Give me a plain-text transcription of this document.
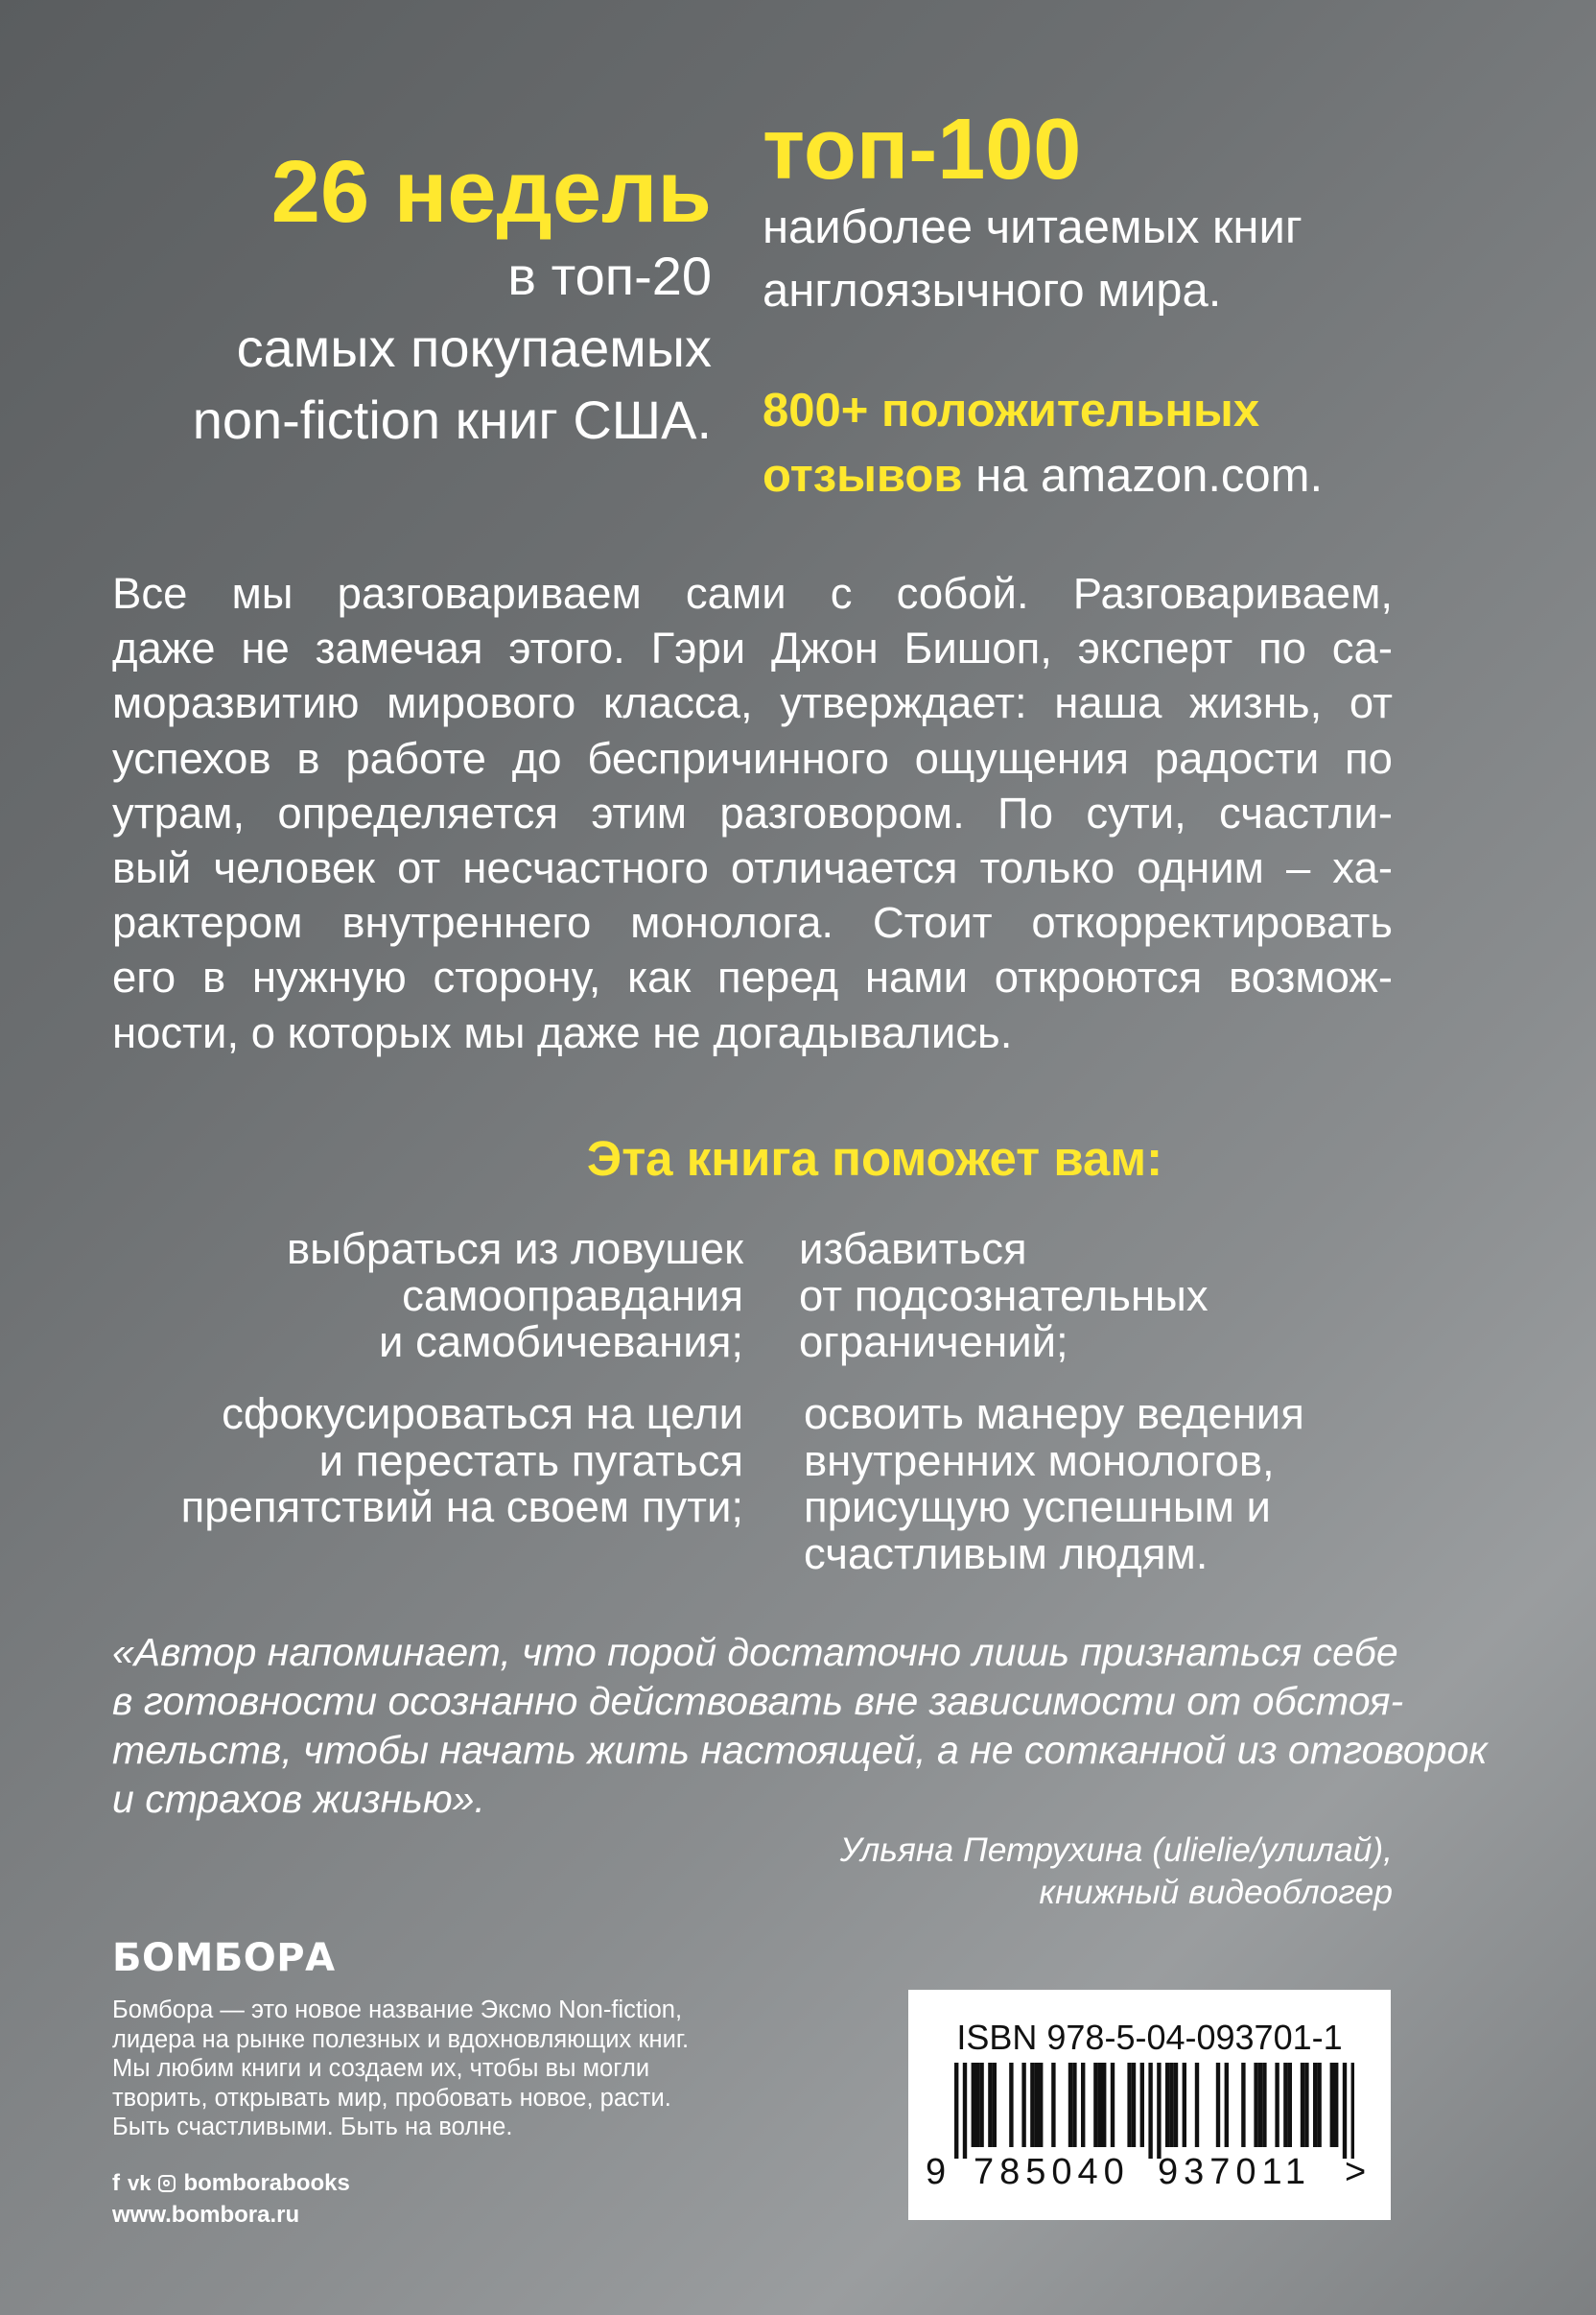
26 недель
в топ-20
самых покупаемых
non-fiction книг США.
топ-100
наиболее читаемых книг
англоязычного мира.
800+ положительных
отзывов на amazon.com.
Все мы разговариваем сами с собой. Разговариваем,
даже не замечая этого. Гэри Джон Бишоп, эксперт по са-
моразвитию мирового класса, утверждает: наша жизнь, от
успехов в работе до беспричинного ощущения радости по
утрам, определяется этим разговором. По сути, счастли-
вый человек от несчастного отличается только одним – ха-
рактером внутреннего монолога. Стоит откорректировать
его в нужную сторону, как перед нами откроются возмож-
ности, о которых мы даже не догадывались.
Эта книга поможет вам:
выбраться из ловушек
самооправдания
и самобичевания;
избавиться
от подсознательных
ограничений;
сфокусироваться на цели
и перестать пугаться
препятствий на своем пути;
освоить манеру ведения
внутренних монологов,
присущую успешным и
счастливым людям.
«Автор напоминает, что порой достаточно лишь признаться себе
в готовности осознанно действовать вне зависимости от обстоя-
тельств, чтобы начать жить настоящей, а не сотканной из отговорок
и страхов жизнью».
Ульяна Петрухина (ulielie/улилай),
книжный видеоблогер
БОМБОРА
Бомбора — это новое название Эксмо Non-fiction,
лидера на рынке полезных и вдохновляющих книг.
Мы любим книги и создаем их, чтобы вы могли
творить, открывать мир, пробовать новое, расти.
Быть счастливыми. Быть на волне.
f vk bomborabooks
www.bombora.ru
ISBN 978-5-04-093701-1
9 785040 937011 >
